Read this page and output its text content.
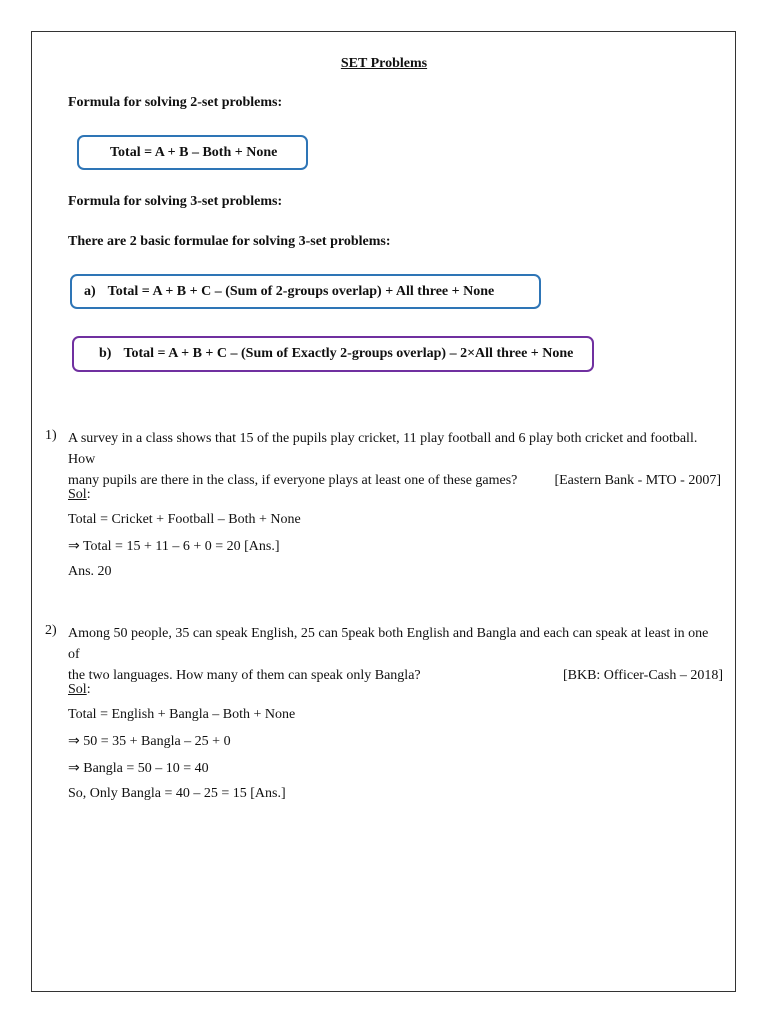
SET Problems
Formula for solving 2-set problems:
Total = A + B – Both + None
Formula for solving 3-set problems:
There are 2 basic formulae for solving 3-set problems:
a) Total = A + B + C – (Sum of 2-groups overlap) + All three + None
b) Total = A + B + C – (Sum of Exactly 2-groups overlap) – 2×All three + None
1) A survey in a class shows that 15 of the pupils play cricket, 11 play football and 6 play both cricket and football. How
many pupils are there in the class, if everyone plays at least one of these games?	[Eastern Bank - MTO - 2007]
Sol:
Total = Cricket + Football – Both + None
⇒ Total = 15 + 11 – 6 + 0 = 20 [Ans.]
Ans. 20
2) Among 50 people, 35 can speak English, 25 can 5peak both English and Bangla and each can speak at least in one of
the two languages. How many of them can speak only Bangla?	[BKB: Officer-Cash – 2018]
Sol:
Total = English + Bangla – Both + None
⇒ 50 = 35 + Bangla – 25 + 0
⇒ Bangla = 50 – 10 = 40
So, Only Bangla = 40 – 25 = 15 [Ans.]
